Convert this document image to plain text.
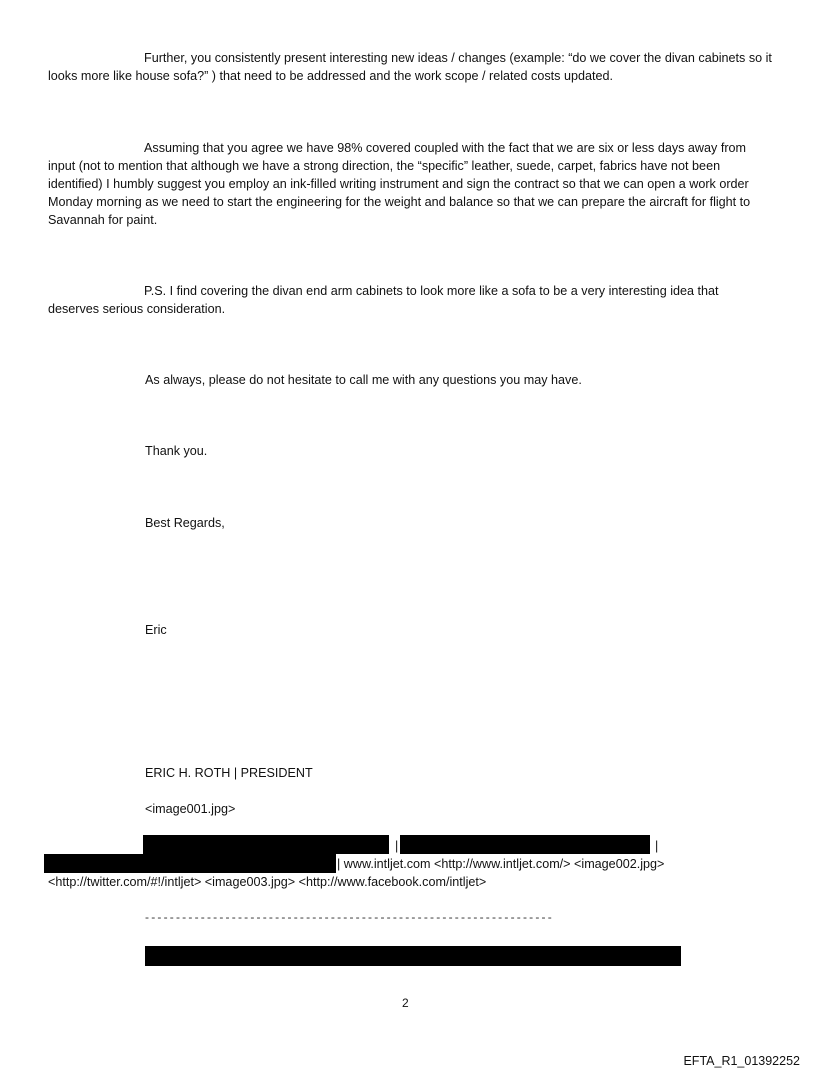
Further, you consistently present interesting new ideas / changes (example: “do we cover the divan cabinets so it looks more like house sofa?” ) that need to be addressed and the work scope / related costs updated.

Assuming that you agree we have 98% covered coupled with the fact that we are six or less days away from input (not to mention that although we have a strong direction, the “specific” leather, suede, carpet, fabrics have not been identified) I humbly suggest you employ an ink-filled writing instrument and sign the contract so that we can open a work order Monday morning as we need to start the engineering for the weight and balance so that we can prepare the aircraft for flight to Savannah for paint.

P.S. I find covering the divan end arm cabinets to look more like a sofa to be a very interesting idea that deserves serious consideration.

As always, please do not hesitate to call me with any questions you may have.

Thank you.

Best Regards,

Eric

ERIC H. ROTH | PRESIDENT

<image001.jpg>

|	|

| www.intljet.com <http://www.intljet.com/> <image002.jpg>

<http://twitter.com/#!/intljet> <image003.jpg> <http://www.facebook.com/intljet>

------------------------------------------------------------------
2
EFTA_R1_01392252
